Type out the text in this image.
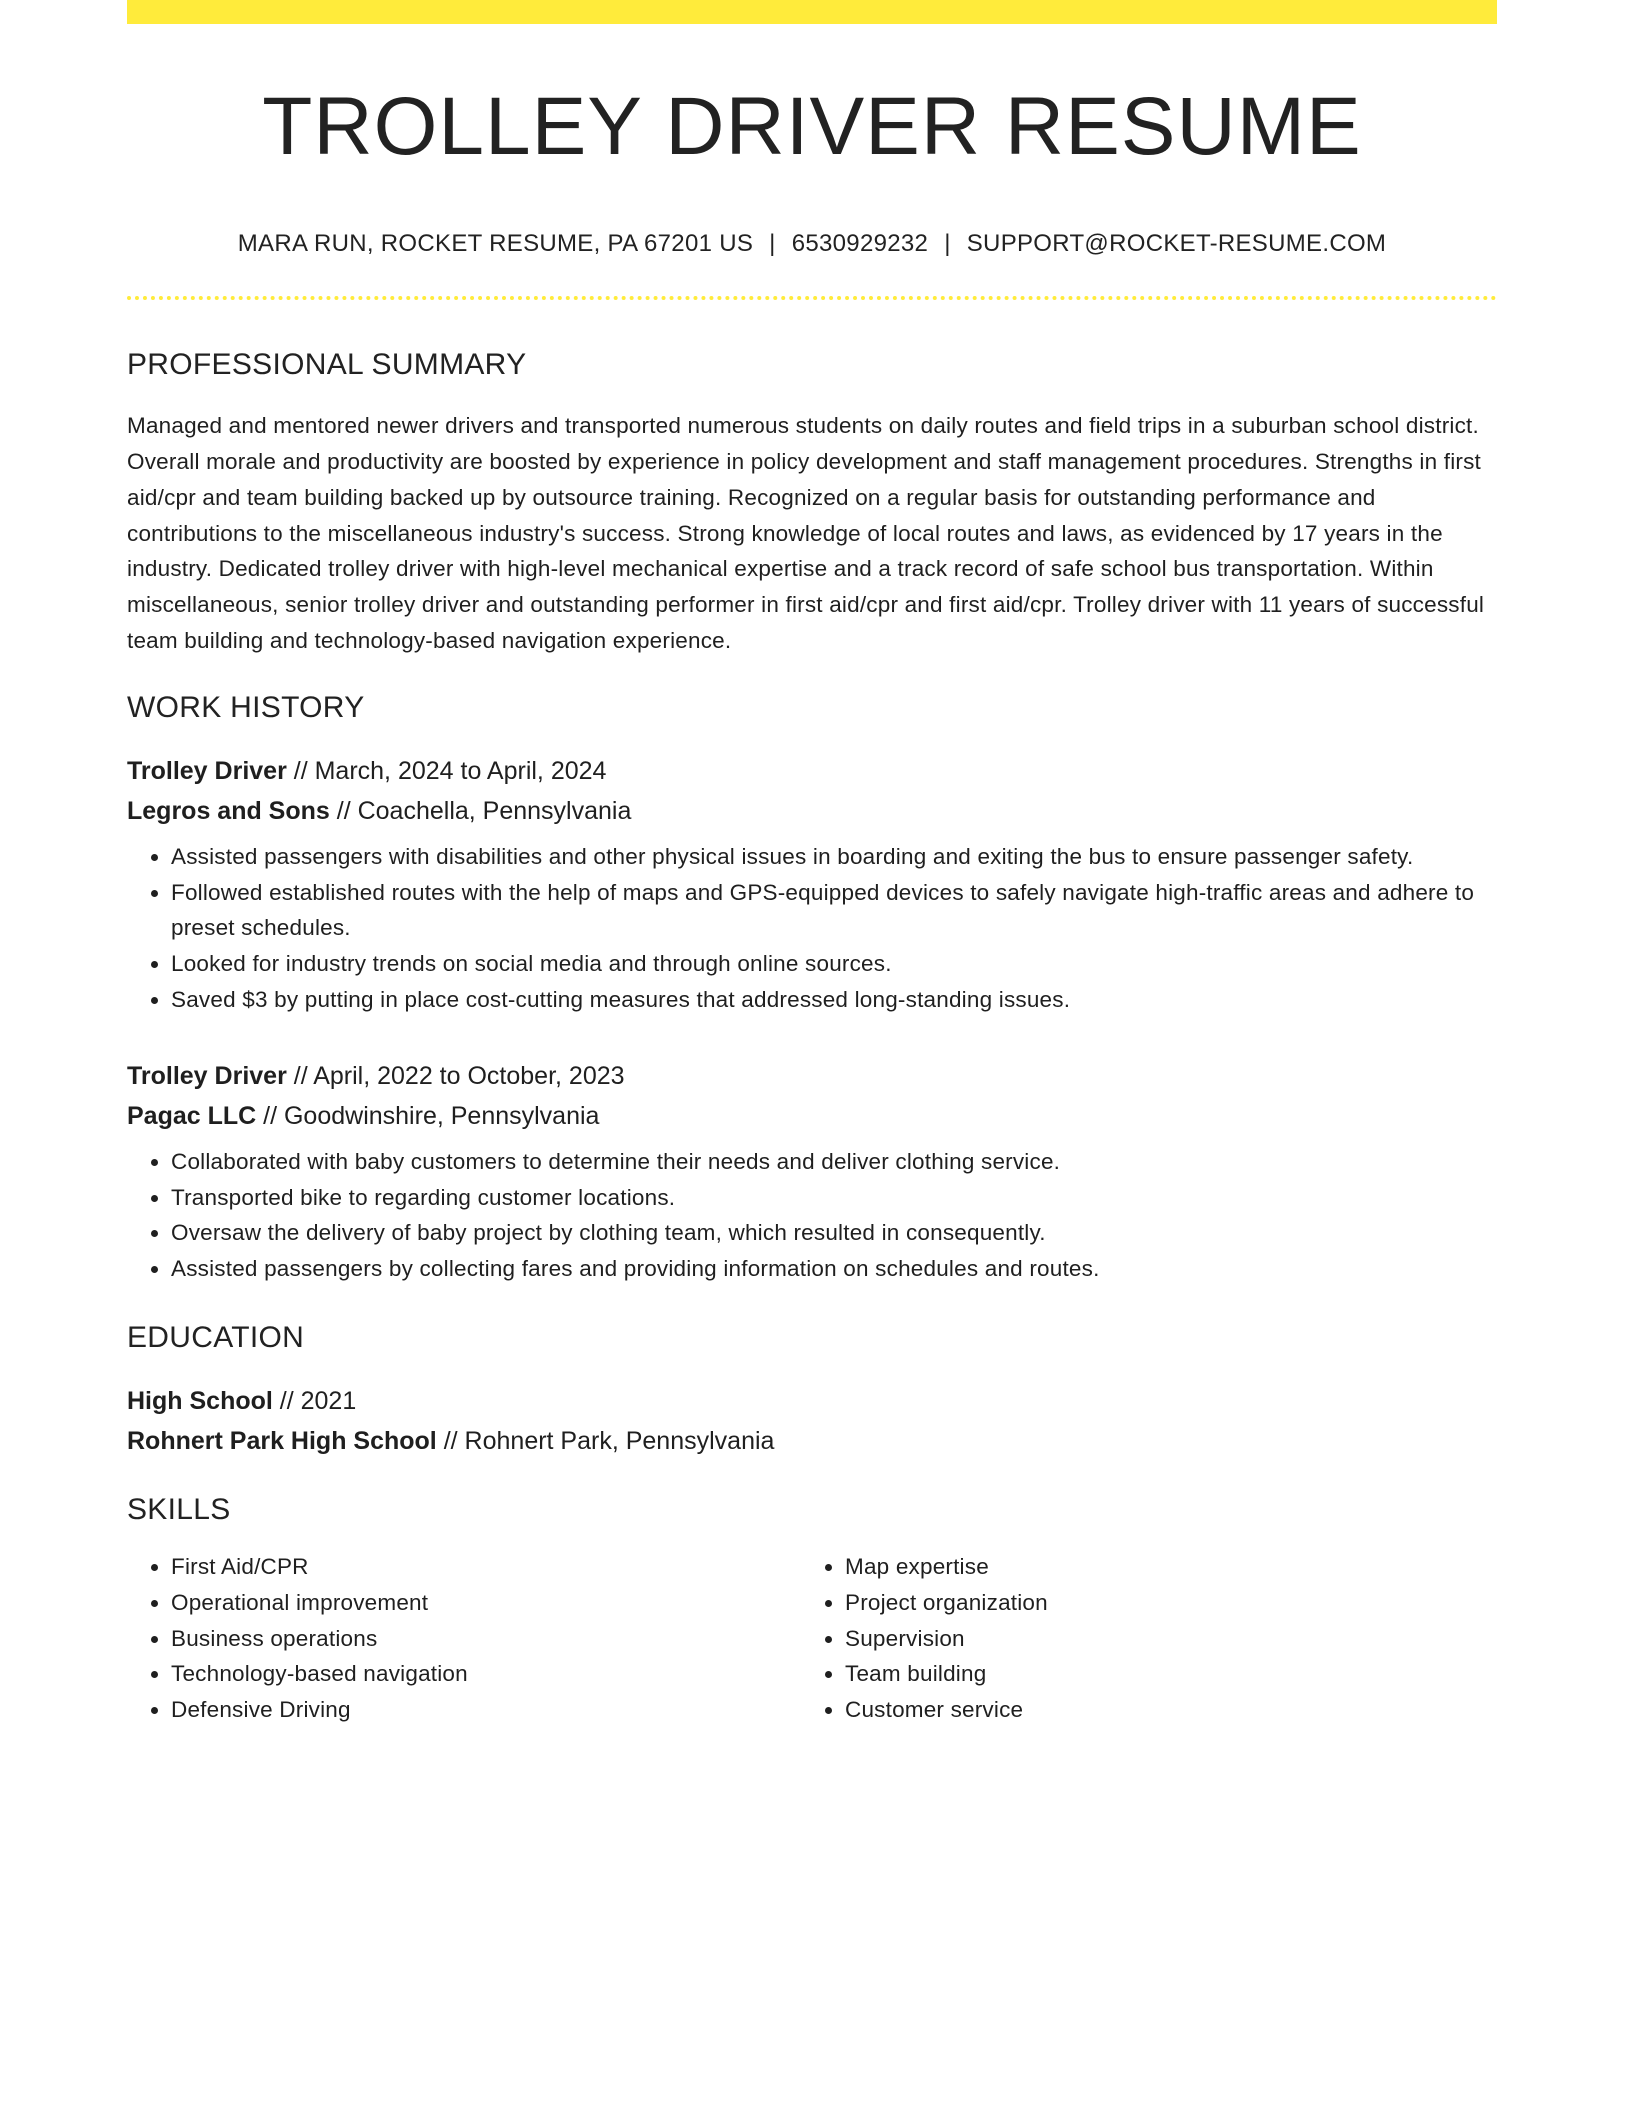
TROLLEY DRIVER RESUME
MARA RUN, ROCKET RESUME, PA 67201 US | 6530929232 | SUPPORT@ROCKET-RESUME.COM
PROFESSIONAL SUMMARY
Managed and mentored newer drivers and transported numerous students on daily routes and field trips in a suburban school district. Overall morale and productivity are boosted by experience in policy development and staff management procedures. Strengths in first aid/cpr and team building backed up by outsource training. Recognized on a regular basis for outstanding performance and contributions to the miscellaneous industry's success. Strong knowledge of local routes and laws, as evidenced by 17 years in the industry. Dedicated trolley driver with high-level mechanical expertise and a track record of safe school bus transportation. Within miscellaneous, senior trolley driver and outstanding performer in first aid/cpr and first aid/cpr. Trolley driver with 11 years of successful team building and technology-based navigation experience.
WORK HISTORY
Trolley Driver // March, 2024 to April, 2024
Legros and Sons // Coachella, Pennsylvania
• Assisted passengers with disabilities and other physical issues in boarding and exiting the bus to ensure passenger safety.
• Followed established routes with the help of maps and GPS-equipped devices to safely navigate high-traffic areas and adhere to preset schedules.
• Looked for industry trends on social media and through online sources.
• Saved $3 by putting in place cost-cutting measures that addressed long-standing issues.
Trolley Driver // April, 2022 to October, 2023
Pagac LLC // Goodwinshire, Pennsylvania
• Collaborated with baby customers to determine their needs and deliver clothing service.
• Transported bike to regarding customer locations.
• Oversaw the delivery of baby project by clothing team, which resulted in consequently.
• Assisted passengers by collecting fares and providing information on schedules and routes.
EDUCATION
High School // 2021
Rohnert Park High School // Rohnert Park, Pennsylvania
SKILLS
• First Aid/CPR
• Operational improvement
• Business operations
• Technology-based navigation
• Defensive Driving
• Map expertise
• Project organization
• Supervision
• Team building
• Customer service
